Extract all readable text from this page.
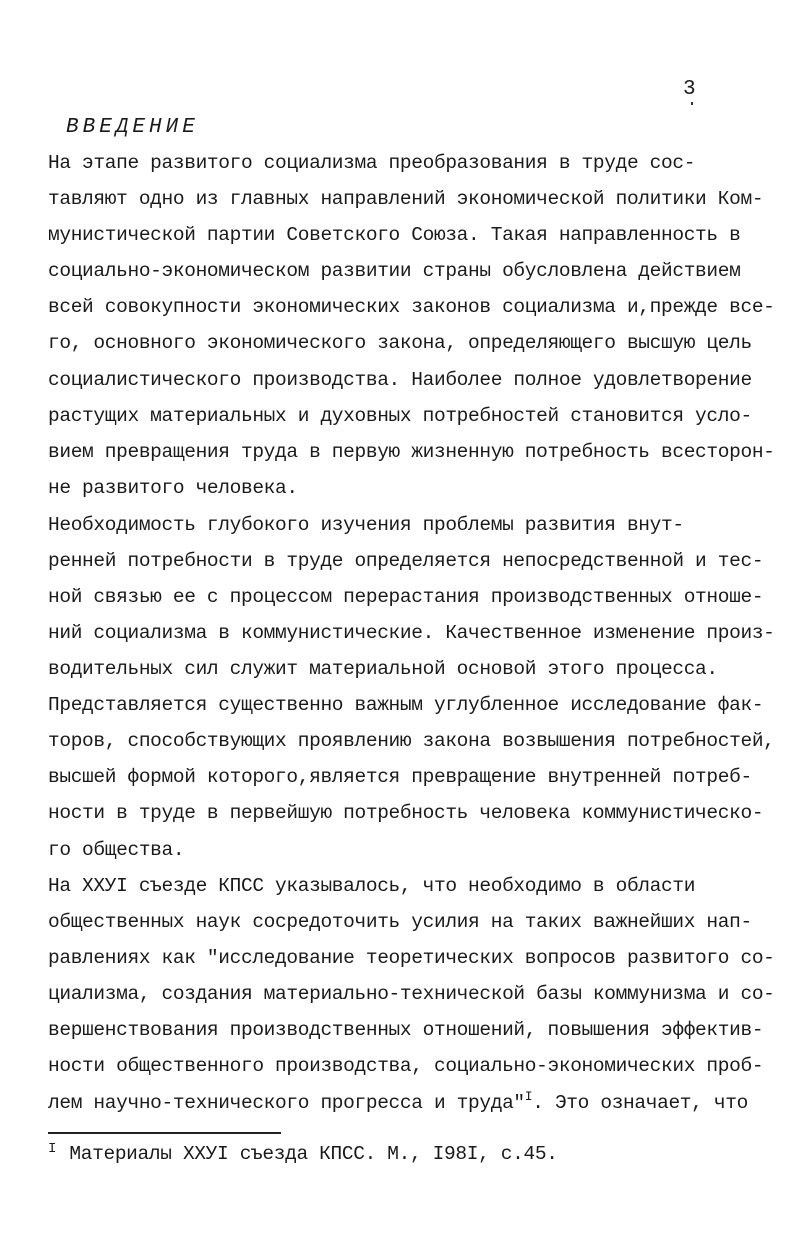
3
ВВЕДЕНИЕ
На этапе развитого социализма преобразования в труде сос-
тавляют одно из главных направлений экономической политики Ком-
мунистической партии Советского Союза. Такая направленность в
социально-экономическом развитии страны обусловлена действием
всей совокупности экономических законов социализма и,прежде все-
го, основного экономического закона, определяющего высшую цель
социалистического производства. Наиболее полное удовлетворение
растущих материальных и духовных потребностей становится усло-
вием превращения труда в первую жизненную потребность всесторон-
не развитого человека.
Необходимость глубокого изучения проблемы развития внут-
ренней потребности в труде определяется непосредственной и тес-
ной связью ее с процессом перерастания производственных отноше-
ний социализма в коммунистические. Качественное изменение произ-
водительных сил служит материальной основой этого процесса.
Представляется существенно важным углубленное исследование фак-
торов, способствующих проявлению закона возвышения потребностей,
высшей формой которого,является превращение внутренней потреб-
ности в труде в первейшую потребность человека коммунистическо-
го общества.
На XXУI съезде КПСС указывалось, что необходимо в области
общественных наук сосредоточить усилия на таких важнейших нап-
равлениях как "исследование теоретических вопросов развитого со-
циализма, создания материально-технической базы коммунизма и со-
вершенствования производственных отношений, повышения эффектив-
ности общественного производства, социально-экономических проб-
лем научно-технического прогресса и труда"$^I$. Это означает, что
$^I$ Материалы XXУI съезда КПСС. М., I98I, с.45.
